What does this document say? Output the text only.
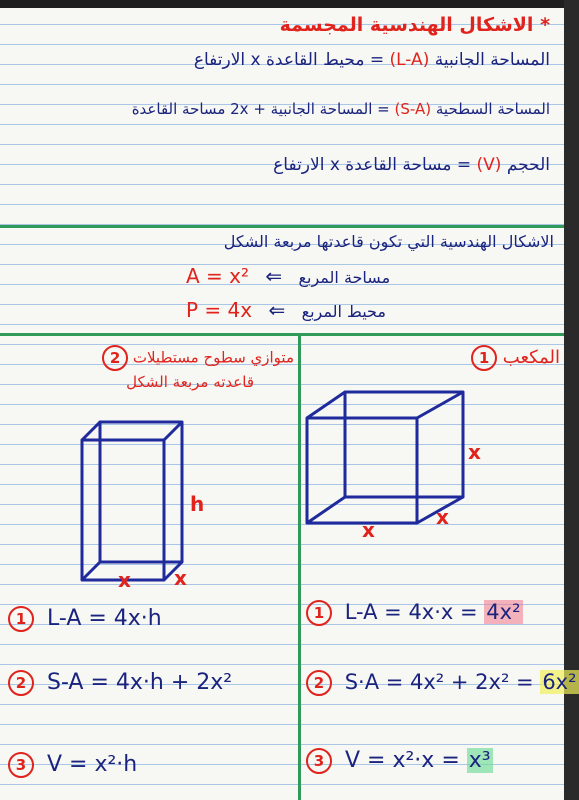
* الاشكال الهندسية المجسمة
المساحة الجانبية (L-A) = محيط القاعدة x الارتفاع
المساحة السطحية (S-A) = المساحة الجانبية + 2x مساحة القاعدة
الحجم (V) = مساحة القاعدة x الارتفاع
الاشكال الهندسية التي تكون قاعدتها مربعة الشكل
A = x² ⇐ مساحة المربع
P = 4x ⇐ محيط المربع
متوازي سطوح مستطيلات 2
قاعدته مربعة الشكل
h
x x
المكعب 1
x
x
x
1 L-A = 4x·h
2 S-A = 4x·h + 2x²
3 V = x²·h
1 L-A = 4x·x = 4x²
2 S·A = 4x² + 2x² = 6x²
3 V = x²·x = x³
